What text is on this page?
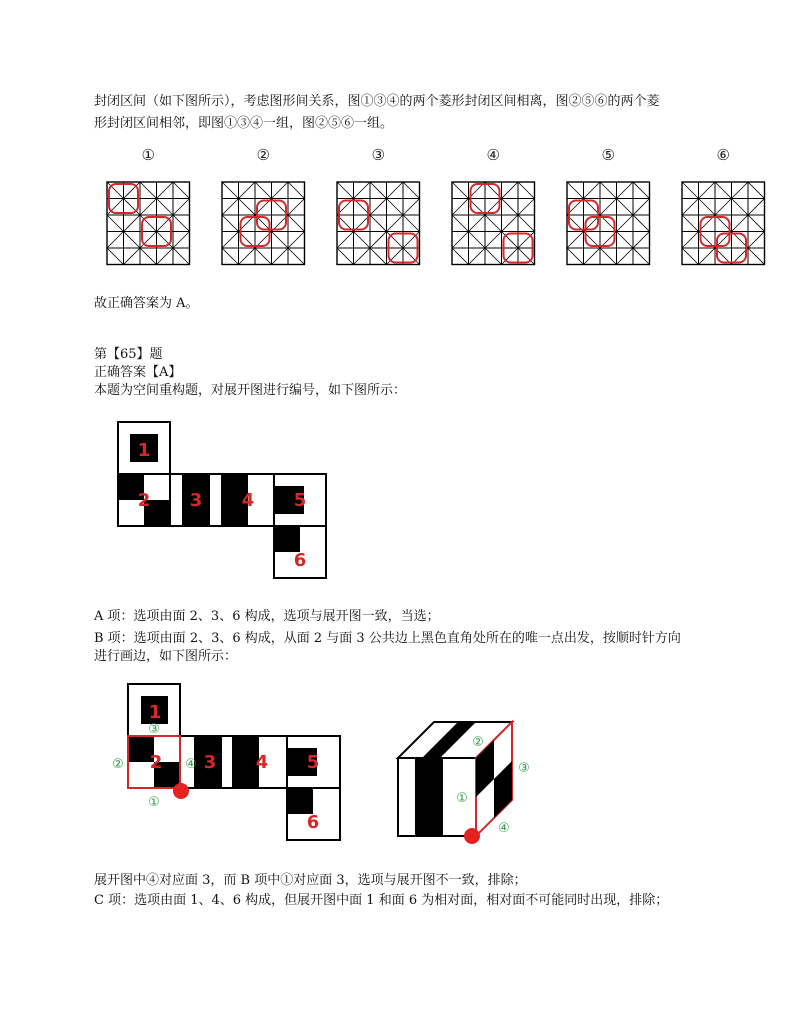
封闭区间（如下图所示），考虑图形间关系，图①③④的两个菱形封闭区间相离，图②⑤⑥的两个菱
形封闭区间相邻，即图①③④一组，图②⑤⑥一组。
①	②	③	④	⑤	⑥
故正确答案为 A。
第【65】题
正确答案【A】
本题为空间重构题，对展开图进行编号，如下图所示：
1
2 3 4 5
6
A 项：选项由面 2、3、6 构成，选项与展开图一致，当选；
B 项：选项由面 2、3、6 构成，从面 2 与面 3 公共边上黑色直角处所在的唯一点出发，按顺时针方向
进行画边，如下图所示：
1
2 3 4 5
6
③
②	④
①
②
③
①
④
展开图中④对应面 3，而 B 项中①对应面 3，选项与展开图不一致，排除；
C 项：选项由面 1、4、6 构成，但展开图中面 1 和面 6 为相对面，相对面不可能同时出现，排除；
